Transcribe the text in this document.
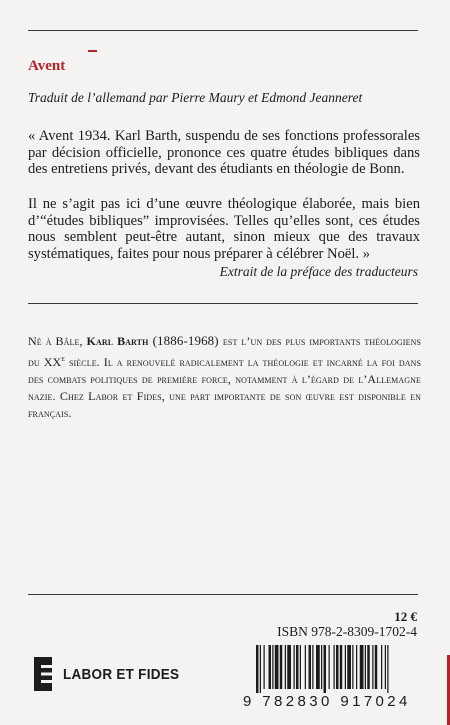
Avent
Traduit de l’allemand par Pierre Maury et Edmond Jeanneret

« Avent 1934. Karl Barth, suspendu de ses fonctions professorales par décision officielle, prononce ces quatre études bibliques dans des entretiens privés, devant des étudiants en théologie de Bonn.

Il ne s’agit pas ici d’une œuvre théologique élaborée, mais bien d’“études bibliques” improvisées. Telles qu’elles sont, ces études nous semblent peut-être autant, sinon mieux que des travaux systématiques, faites pour nous préparer à célébrer Noël. »

Extrait de la préface des traducteurs

Né à Bâle, Karl Barth (1886-1968) est l’un des plus importants théologiens du XXe siècle. Il a renouvelé radicalement la théologie et incarné la foi dans des combats politiques de première force, notamment à l’égard de l’Allemagne nazie. Chez Labor et Fides, une part importante de son œuvre est disponible en français.

12 €
ISBN 978-2-8309-1702-4
LABOR ET FIDES
9 782830 917024
